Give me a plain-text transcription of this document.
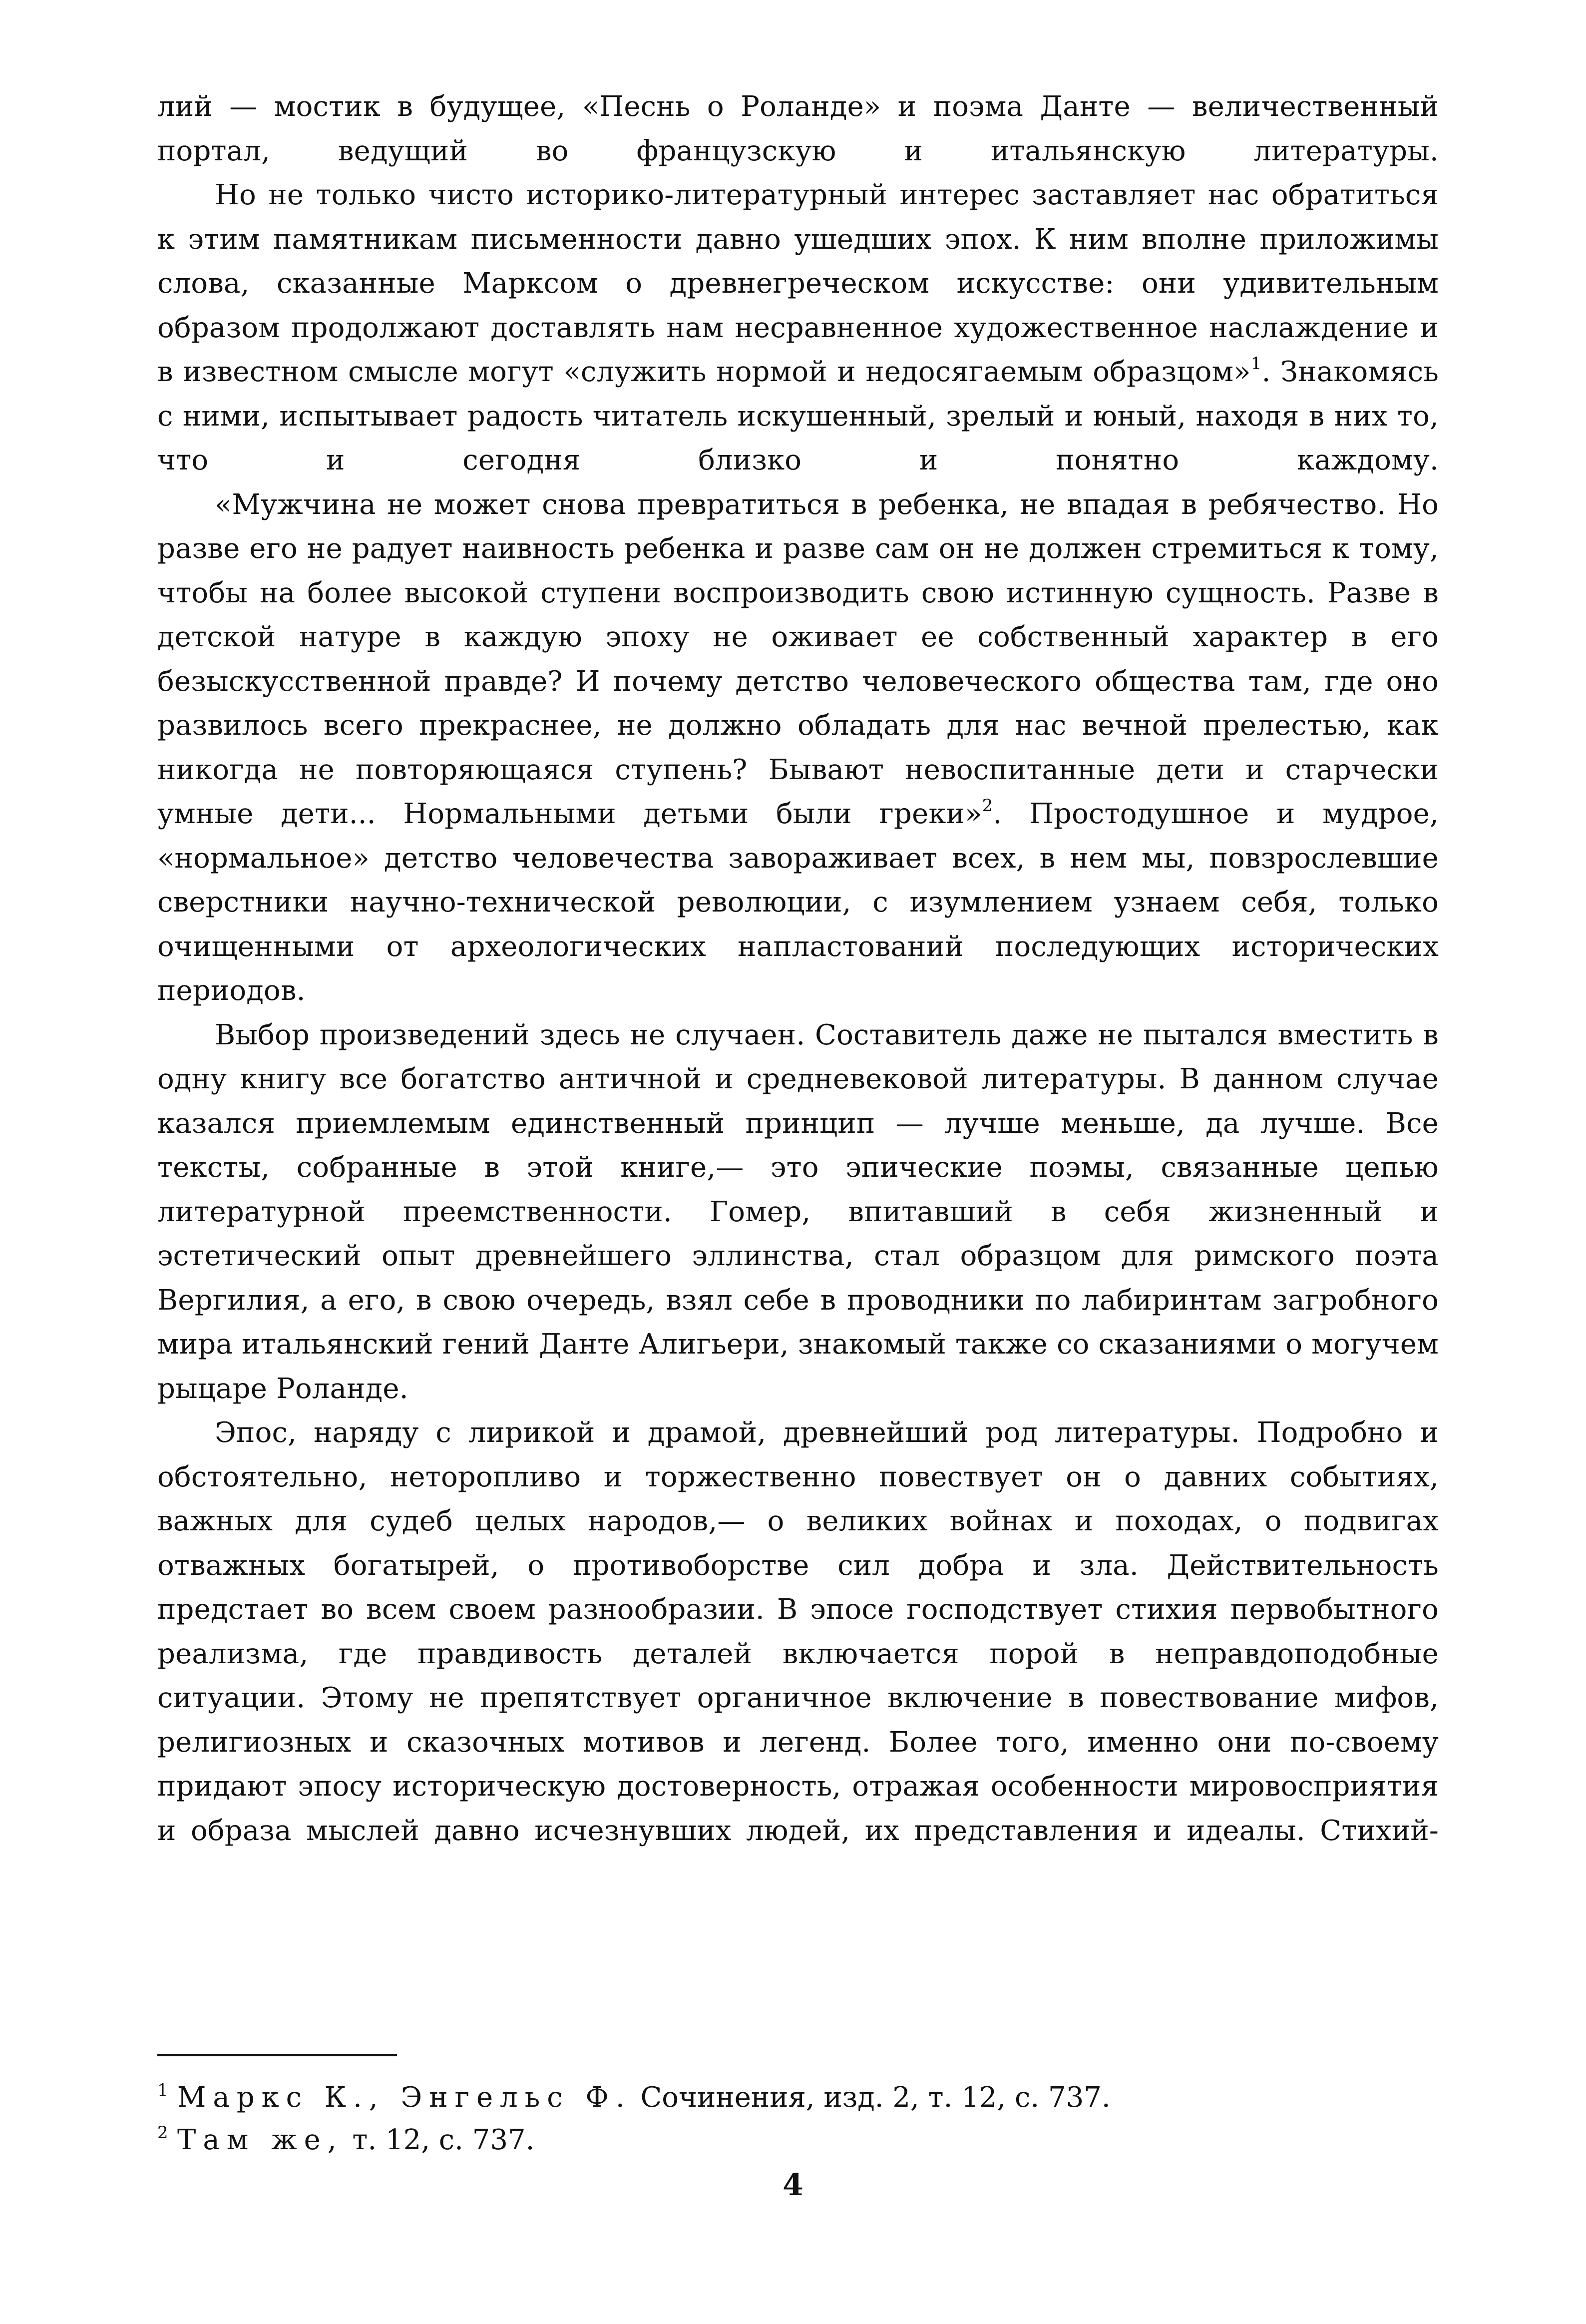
лий — мостик в будущее, «Песнь о Роланде» и поэма Данте — величественный портал, ведущий во французскую и итальянскую литературы.

Но не только чисто историко-литературный интерес заставляет нас обратиться к этим памятникам письменности давно ушедших эпох. К ним вполне приложимы слова, сказанные Марксом о древнегреческом искусстве: они удивительным образом продолжают доставлять нам несравненное художественное наслаждение и в известном смысле могут «служить нормой и недосягаемым образцом»$^1$. Знакомясь с ними, испытывает радость читатель искушенный, зрелый и юный, находя в них то, что и сегодня близко и понятно каждому.

«Мужчина не может снова превратиться в ребенка, не впадая в ребячество. Но разве его не радует наивность ребенка и разве сам он не должен стремиться к тому, чтобы на более высокой ступени воспроизводить свою истинную сущность. Разве в детской натуре в каждую эпоху не оживает ее собственный характер в его безыскусственной правде? И почему детство человеческого общества там, где оно развилось всего прекраснее, не должно обладать для нас вечной прелестью, как никогда не повторяющаяся ступень? Бывают невоспитанные дети и старчески умные дети... Нормальными детьми были греки»$^2$. Простодушное и мудрое, «нормальное» детство человечества завораживает всех, в нем мы, повзрослевшие сверстники научно-технической революции, с изумлением узнаем себя, только очищенными от археологических напластований последующих исторических периодов.

Выбор произведений здесь не случаен. Составитель даже не пытался вместить в одну книгу все богатство античной и средневековой литературы. В данном случае казался приемлемым единственный принцип — лучше меньше, да лучше. Все тексты, собранные в этой книге,— это эпические поэмы, связанные цепью литературной преемственности. Гомер, впитавший в себя жизненный и эстетический опыт древнейшего эллинства, стал образцом для римского поэта Вергилия, а его, в свою очередь, взял себе в проводники по лабиринтам загробного мира итальянский гений Данте Алигьери, знакомый также со сказаниями о могучем рыцаре Роланде.

Эпос, наряду с лирикой и драмой, древнейший род литературы. Подробно и обстоятельно, неторопливо и торжественно повествует он о давних событиях, важных для судеб целых народов,— о великих войнах и походах, о подвигах отважных богатырей, о противоборстве сил добра и зла. Действительность предстает во всем своем разнообразии. В эпосе господствует стихия первобытного реализма, где правдивость деталей включается порой в неправдоподобные ситуации. Этому не препятствует органичное включение в повествование мифов, религиозных и сказочных мотивов и легенд. Более того, именно они по-своему придают эпосу историческую достоверность, отражая особенности мировосприятия и образа мыслей давно исчезнувших людей, их представления и идеалы. Стихий-

1 Маркс К., Энгельс Ф. Сочинения, изд. 2, т. 12, с. 737.

2 Там же, т. 12, с. 737.

4
